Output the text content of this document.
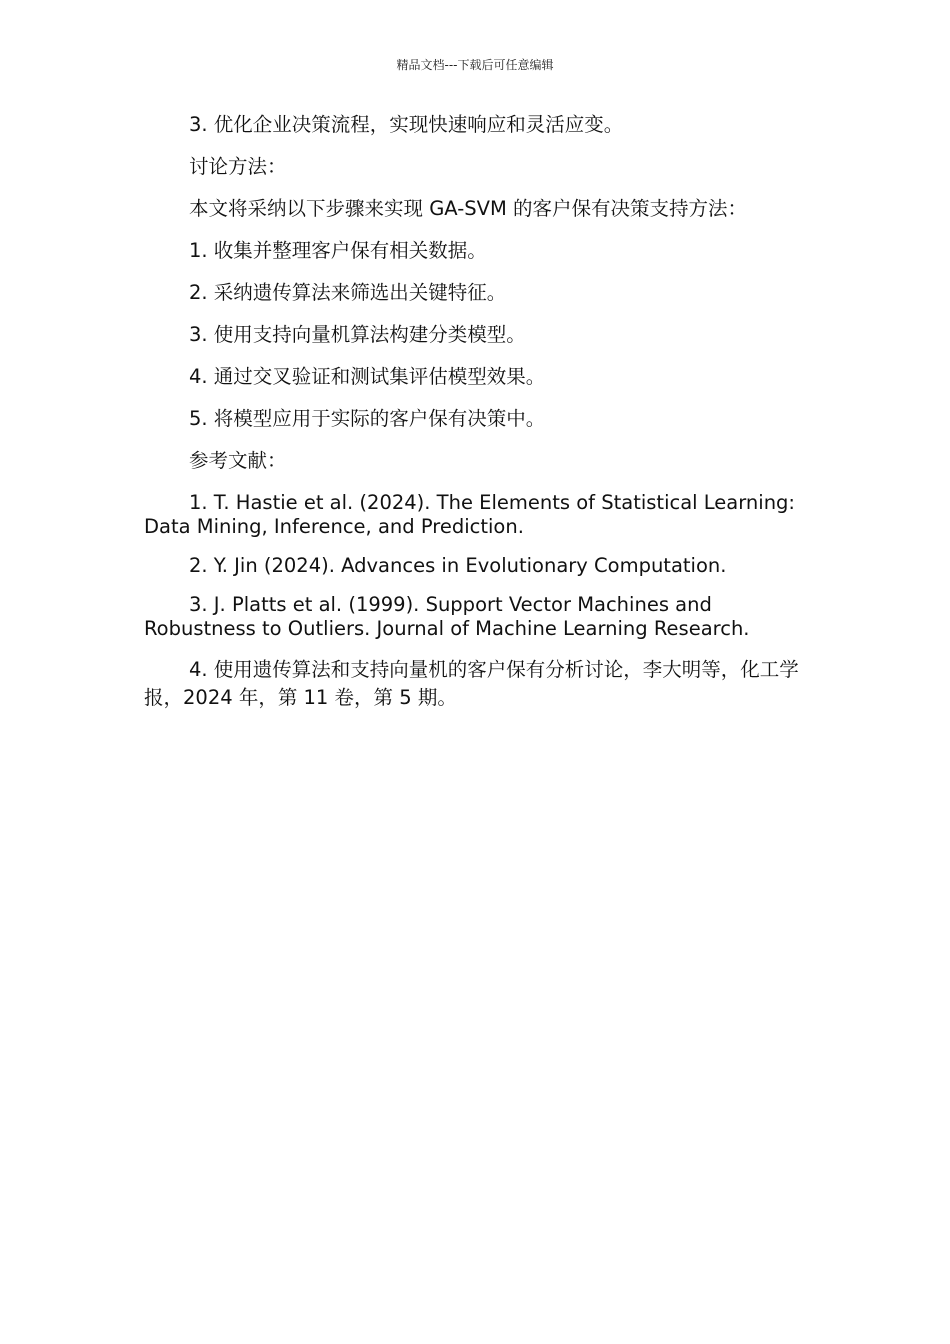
精品文档---下载后可任意编辑

3. 优化企业决策流程，实现快速响应和灵活应变。

讨论方法：

本文将采纳以下步骤来实现 GA-SVM 的客户保有决策支持方法：

1. 收集并整理客户保有相关数据。

2. 采纳遗传算法来筛选出关键特征。

3. 使用支持向量机算法构建分类模型。

4. 通过交叉验证和测试集评估模型效果。

5. 将模型应用于实际的客户保有决策中。

参考文献：

1. T. Hastie et al. (2024). The Elements of Statistical Learning: Data Mining, Inference, and Prediction.

2. Y. Jin (2024). Advances in Evolutionary Computation.

3. J. Platts et al. (1999). Support Vector Machines and Robustness to Outliers. Journal of Machine Learning Research.

4. 使用遗传算法和支持向量机的客户保有分析讨论，李大明等，化工学报，2024 年，第 11 卷，第 5 期。
